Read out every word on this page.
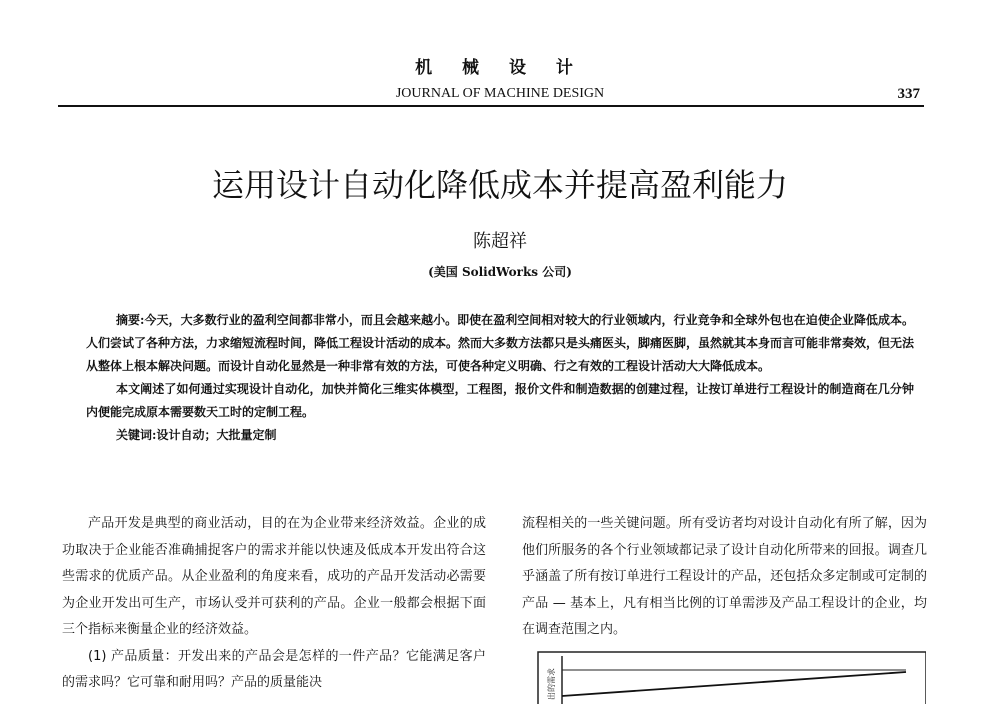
机 械 设 计
JOURNAL OF MACHINE DESIGN	337
运用设计自动化降低成本并提高盈利能力
陈超祥
(美国 SolidWorks 公司)

摘要:今天，大多数行业的盈利空间都非常小，而且会越来越小。即使在盈利空间相对较大的行业领域内，行业竞争和全球外包也在迫使企业降低成本。人们尝试了各种方法，力求缩短流程时间，降低工程设计活动的成本。然而大多数方法都只是头痛医头，脚痛医脚，虽然就其本身而言可能非常奏效，但无法从整体上根本解决问题。而设计自动化显然是一种非常有效的方法，可使各种定义明确、行之有效的工程设计活动大大降低成本。

本文阐述了如何通过实现设计自动化，加快并简化三维实体模型，工程图，报价文件和制造数据的创建过程，让按订单进行工程设计的制造商在几分钟内便能完成原本需要数天工时的定制工程。

关键词:设计自动；大批量定制

产品开发是典型的商业活动，目的在为企业带来经济效益。企业的成功取决于企业能否准确捕捉客户的需求并能以快速及低成本开发出符合这些需求的优质产品。从企业盈利的角度来看，成功的产品开发活动必需要为企业开发出可生产，市场认受并可获利的产品。企业一般都会根据下面三个指标来衡量企业的经济效益。

(1) 产品质量：开发出来的产品会是怎样的一件产品？它能满足客户的需求吗？它可靠和耐用吗？产品的质量能决

流程相关的一些关键问题。所有受访者均对设计自动化有所了解，因为他们所服务的各个行业领域都记录了设计自动化所带来的回报。调查几乎涵盖了所有按订单进行工程设计的产品，还包括众多定制或可定制的产品 — 基本上，凡有相当比例的订单需涉及产品工程设计的企业，均在调查范围之内。

出的需求
